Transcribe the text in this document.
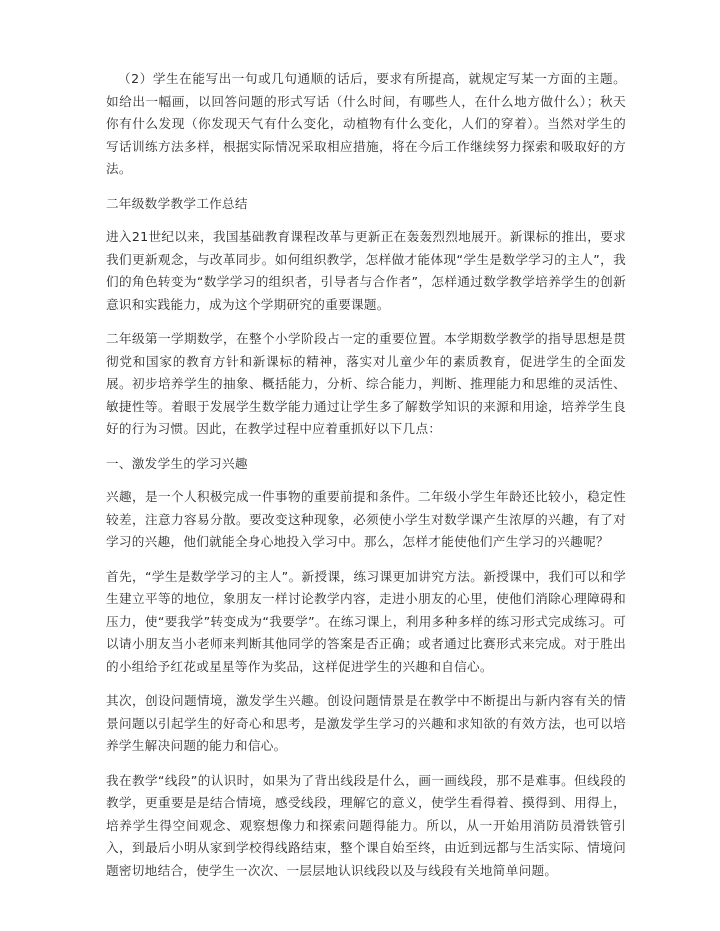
（2）学生在能写出一句或几句通顺的话后，要求有所提高，就规定写某一方面的主题。如给出一幅画，以回答问题的形式写话（什么时间，有哪些人，在什么地方做什么）；秋天你有什么发现（你发现天气有什么变化，动植物有什么变化，人们的穿着）。当然对学生的写话训练方法多样，根据实际情况采取相应措施，将在今后工作继续努力探索和吸取好的方法。

二年级数学教学工作总结

进入21世纪以来，我国基础教育课程改革与更新正在轰轰烈烈地展开。新课标的推出，要求我们更新观念，与改革同步。如何组织教学，怎样做才能体现“学生是数学学习的主人”，我们的角色转变为“数学学习的组织者，引导者与合作者”，怎样通过数学教学培养学生的创新意识和实践能力，成为这个学期研究的重要课题。

二年级第一学期数学，在整个小学阶段占一定的重要位置。本学期数学教学的指导思想是贯彻党和国家的教育方针和新课标的精神，落实对儿童少年的素质教育，促进学生的全面发展。初步培养学生的抽象、概括能力，分析、综合能力，判断、推理能力和思维的灵活性、敏捷性等。着眼于发展学生数学能力通过让学生多了解数学知识的来源和用途，培养学生良好的行为习惯。因此，在教学过程中应着重抓好以下几点：

一、激发学生的学习兴趣

兴趣，是一个人积极完成一件事物的重要前提和条件。二年级小学生年龄还比较小，稳定性较差，注意力容易分散。要改变这种现象，必须使小学生对数学课产生浓厚的兴趣，有了对学习的兴趣，他们就能全身心地投入学习中。那么，怎样才能使他们产生学习的兴趣呢？

首先，“学生是数学学习的主人”。新授课，练习课更加讲究方法。新授课中，我们可以和学生建立平等的地位，象朋友一样讨论教学内容，走进小朋友的心里，使他们消除心理障碍和压力，使“要我学”转变成为“我要学”。在练习课上，利用多种多样的练习形式完成练习。可以请小朋友当小老师来判断其他同学的答案是否正确；或者通过比赛形式来完成。对于胜出的小组给予红花或星星等作为奖品，这样促进学生的兴趣和自信心。

其次，创设问题情境，激发学生兴趣。创设问题情景是在教学中不断提出与新内容有关的情景问题以引起学生的好奇心和思考，是激发学生学习的兴趣和求知欲的有效方法，也可以培养学生解决问题的能力和信心。

我在教学“线段”的认识时，如果为了背出线段是什么，画一画线段，那不是难事。但线段的教学，更重要是是结合情境，感受线段，理解它的意义，使学生看得着、摸得到、用得上，培养学生得空间观念、观察想像力和探索问题得能力。所以，从一开始用消防员滑铁管引入，到最后小明从家到学校得线路结束，整个课自始至终，由近到远都与生活实际、情境问题密切地结合，使学生一次次、一层层地认识线段以及与线段有关地简单问题。
